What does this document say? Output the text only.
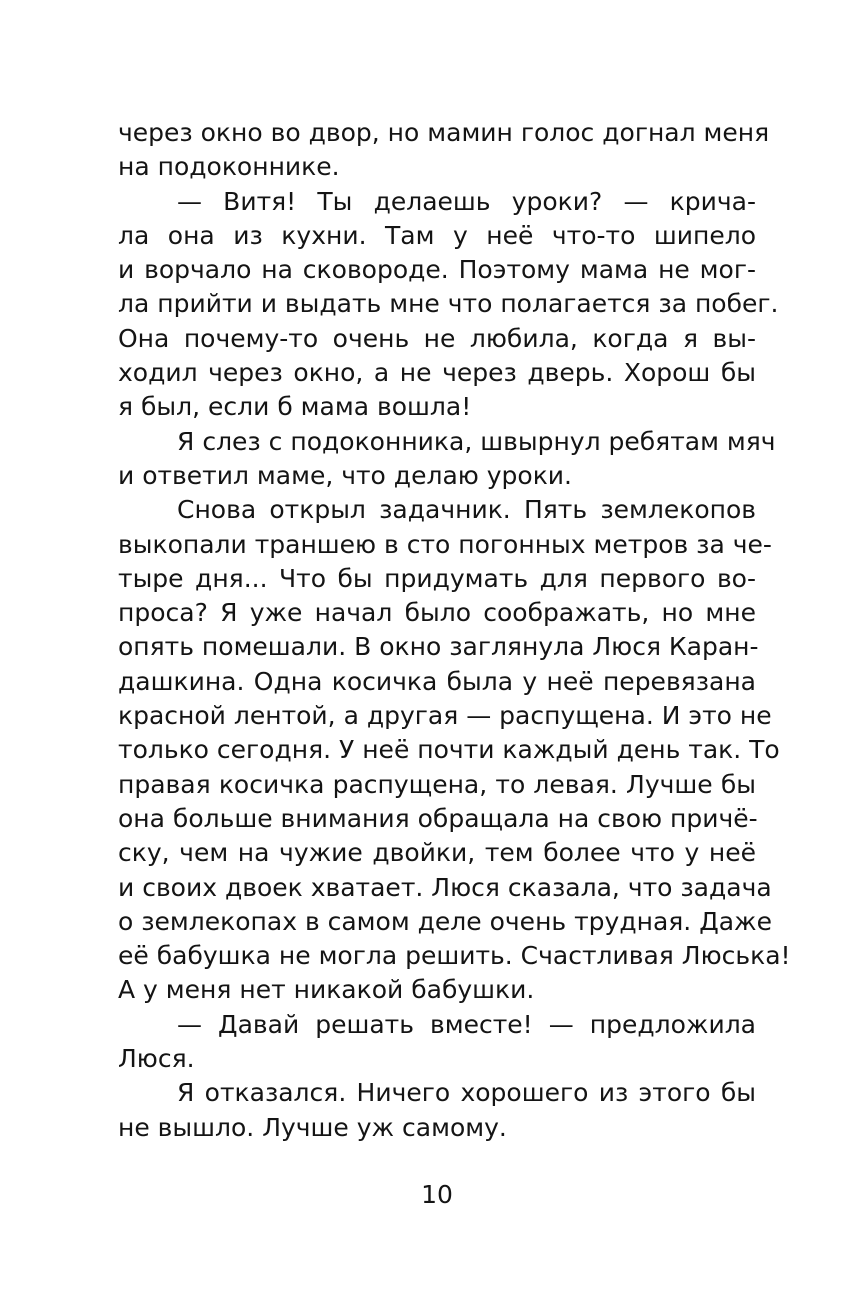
через окно во двор, но мамин голос догнал меня
на подоконнике.
— Витя! Ты делаешь уроки? — крича-
ла она из кухни. Там у неё что-то шипело
и ворчало на сковороде. Поэтому мама не мог-
ла прийти и выдать мне что полагается за побег.
Она почему-то очень не любила, когда я вы-
ходил через окно, а не через дверь. Хорош бы
я был, если б мама вошла!
Я слез с подоконника, швырнул ребятам мяч
и ответил маме, что делаю уроки.
Снова открыл задачник. Пять землекопов
выкопали траншею в сто погонных метров за че-
тыре дня... Что бы придумать для первого во-
проса? Я уже начал было соображать, но мне
опять помешали. В окно заглянула Люся Каран-
дашкина. Одна косичка была у неё перевязана
красной лентой, а другая — распущена. И это не
только сегодня. У неё почти каждый день так. То
правая косичка распущена, то левая. Лучше бы
она больше внимания обращала на свою причё-
ску, чем на чужие двойки, тем более что у неё
и своих двоек хватает. Люся сказала, что задача
о землекопах в самом деле очень трудная. Даже
её бабушка не могла решить. Счастливая Люська!
А у меня нет никакой бабушки.
— Давай решать вместе! — предложила
Люся.
Я отказался. Ничего хорошего из этого бы
не вышло. Лучше уж самому.
10
